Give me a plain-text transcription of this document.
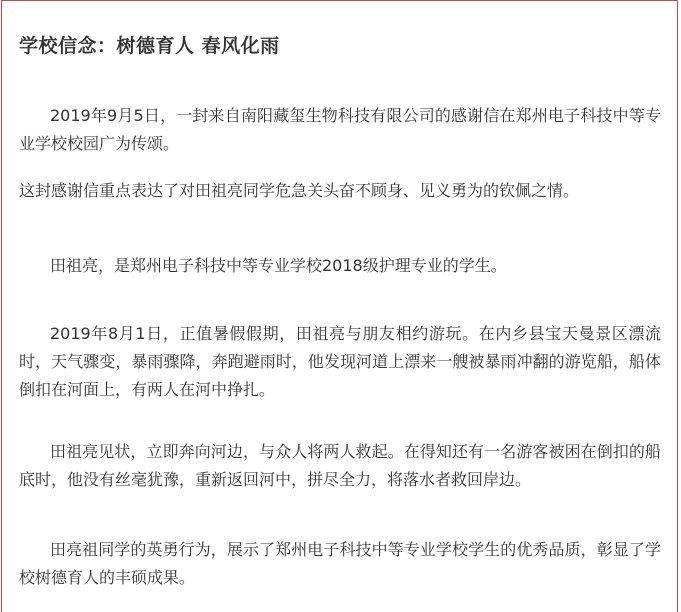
学校信念：树德育人 春风化雨

2019年9月5日，一封来自南阳藏玺生物科技有限公司的感谢信在郑州电子科技中等专业学校校园广为传颂。

这封感谢信重点表达了对田祖亮同学危急关头奋不顾身、见义勇为的钦佩之情。

田祖亮，是郑州电子科技中等专业学校2018级护理专业的学生。

2019年8月1日，正值暑假假期，田祖亮与朋友相约游玩。在内乡县宝天曼景区漂流时，天气骤变，暴雨骤降，奔跑避雨时，他发现河道上漂来一艘被暴雨冲翻的游览船，船体倒扣在河面上，有两人在河中挣扎。

田祖亮见状，立即奔向河边，与众人将两人救起。在得知还有一名游客被困在倒扣的船底时，他没有丝毫犹豫，重新返回河中，拼尽全力，将落水者救回岸边。

田亮祖同学的英勇行为，展示了郑州电子科技中等专业学校学生的优秀品质，彰显了学校树德育人的丰硕成果。
